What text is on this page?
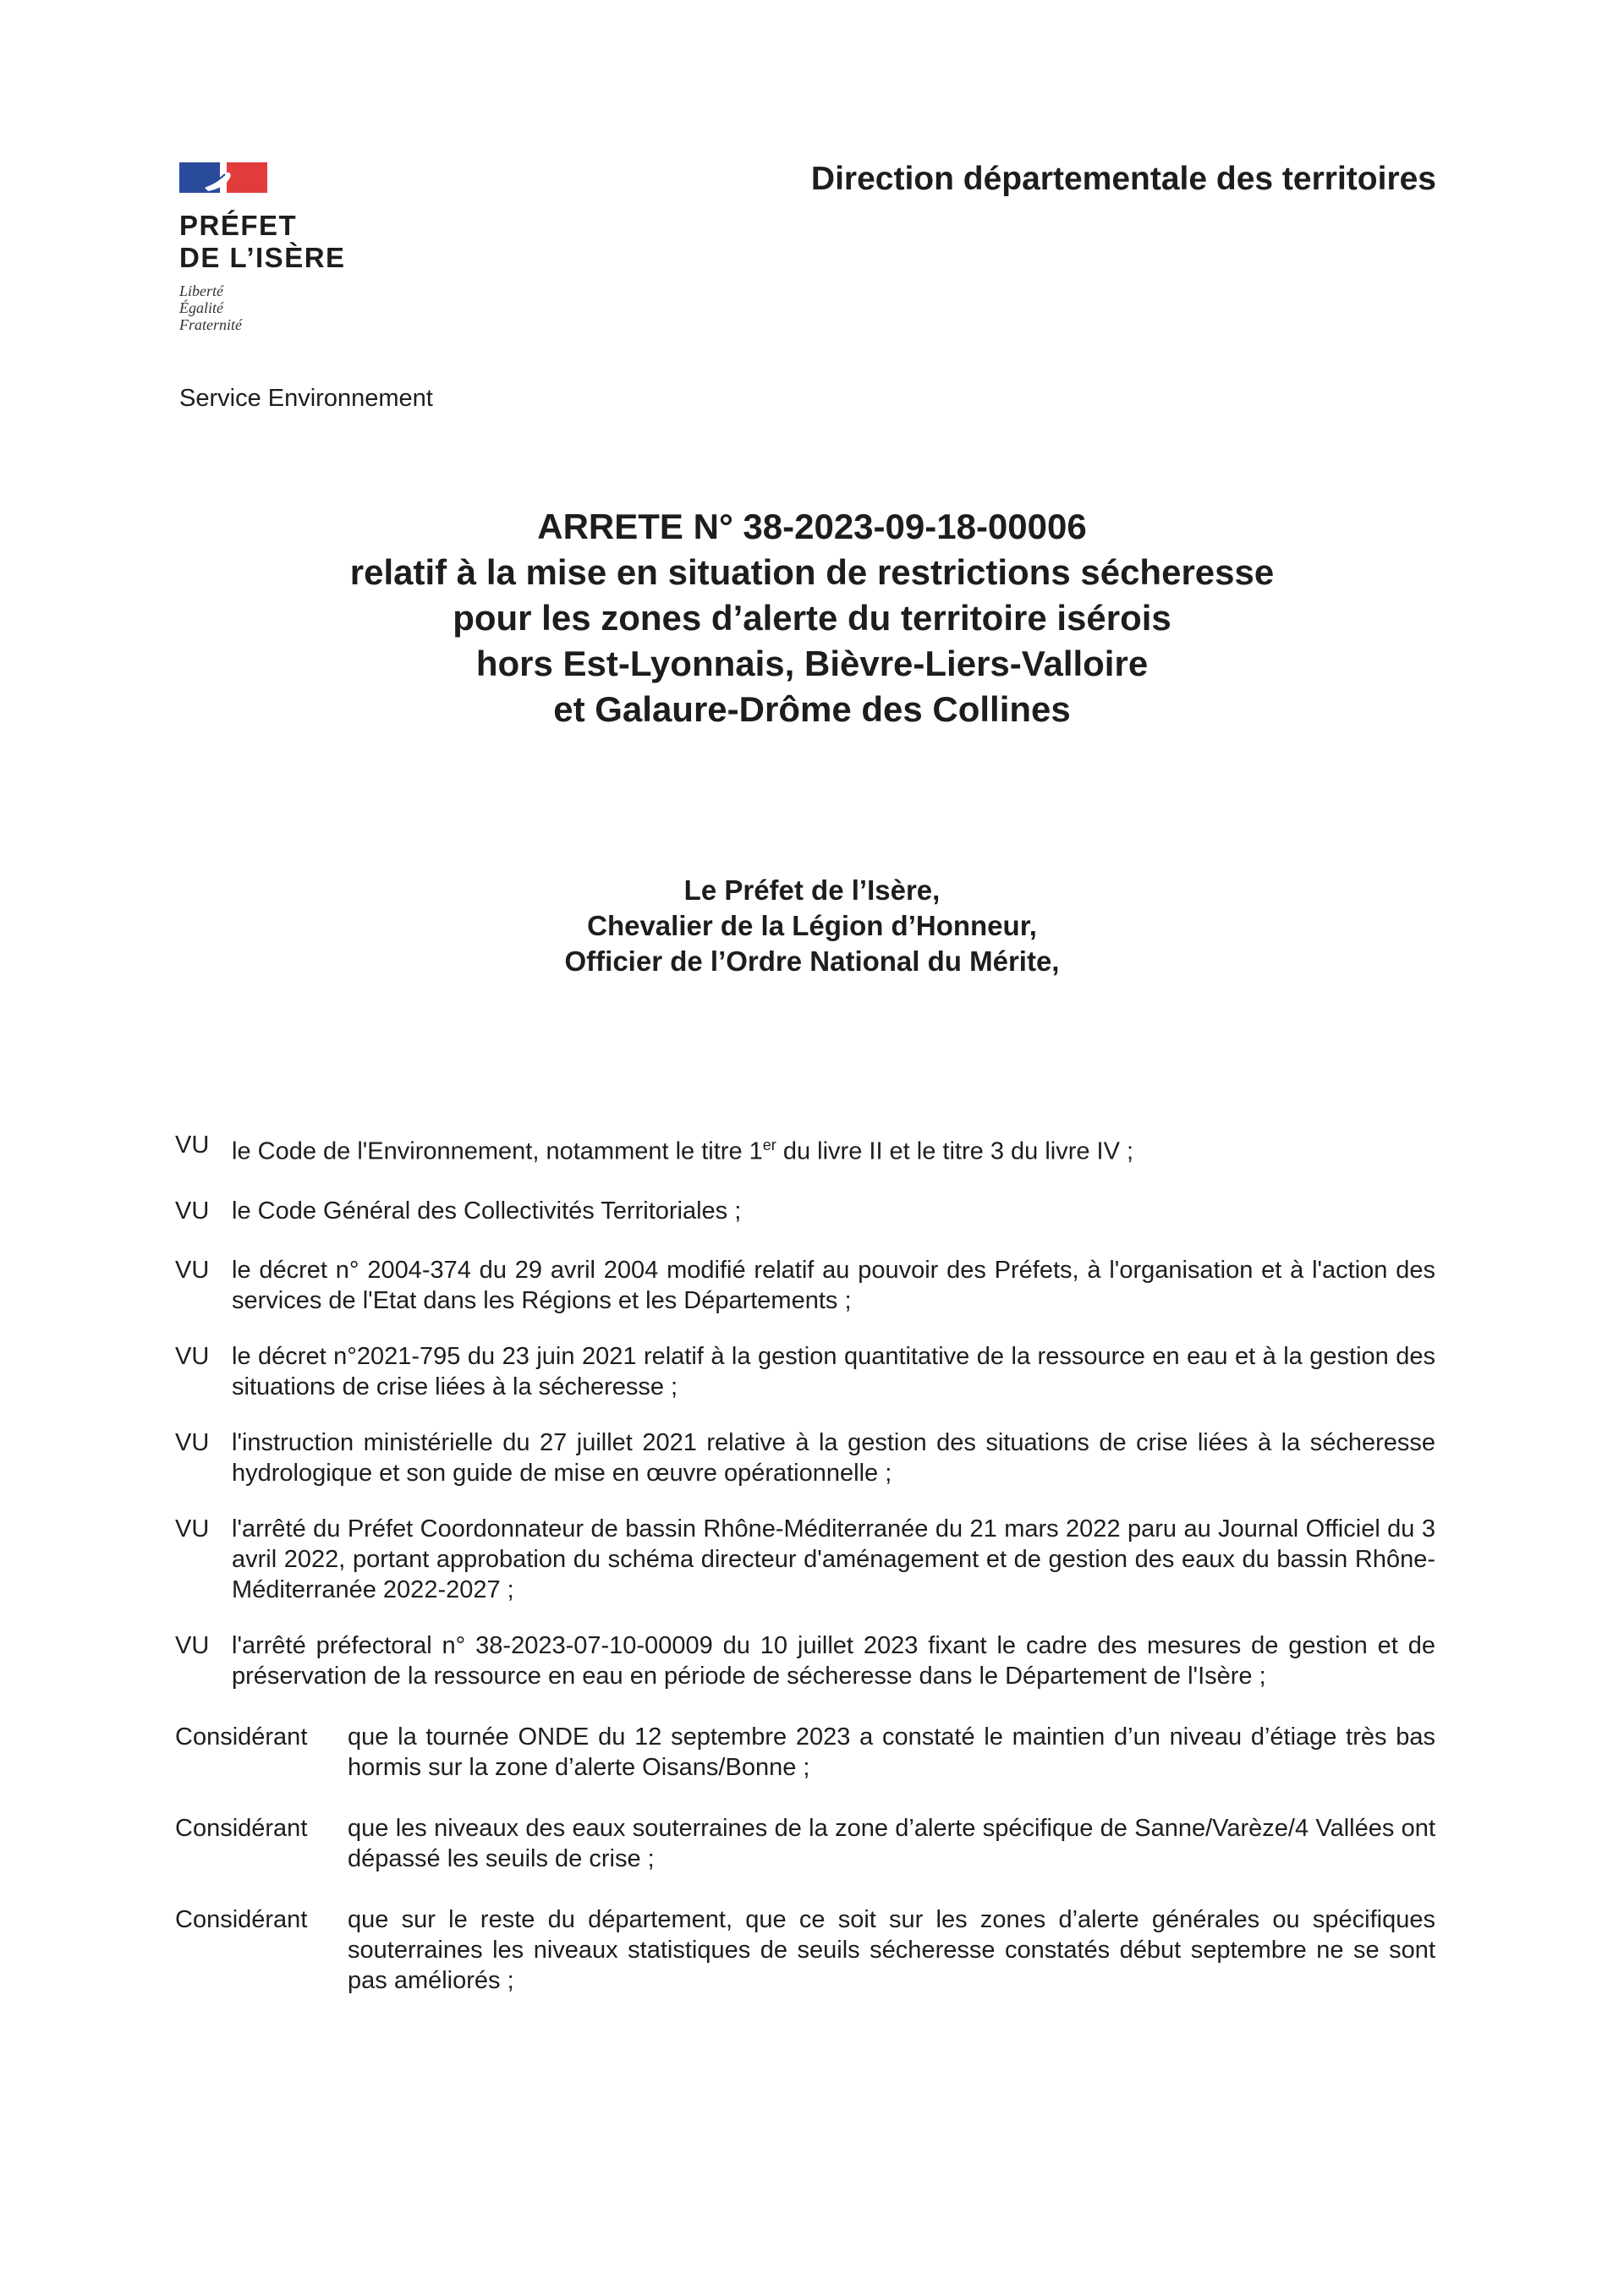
PRÉFET
DE L’ISÈRE
Liberté
Égalité
Fraternité
Direction départementale des territoires
Service Environnement
ARRETE N° 38-2023-09-18-00006
relatif à la mise en situation de restrictions sécheresse
pour les zones d’alerte du territoire isérois
hors Est-Lyonnais, Bièvre-Liers-Valloire
et Galaure-Drôme des Collines
Le Préfet de l’Isère,
Chevalier de la Légion d’Honneur,
Officier de l’Ordre National du Mérite,
VU le Code de l'Environnement, notamment le titre 1er du livre II et le titre 3 du livre IV ;
VU le Code Général des Collectivités Territoriales ;
VU le décret n° 2004-374 du 29 avril 2004 modifié relatif au pouvoir des Préfets, à l'organisation et à l'action des services de l'Etat dans les Régions et les Départements ;
VU le décret n°2021-795 du 23 juin 2021 relatif à la gestion quantitative de la ressource en eau et à la gestion des situations de crise liées à la sécheresse ;
VU l'instruction ministérielle du 27 juillet 2021 relative à la gestion des situations de crise liées à la sécheresse hydrologique et son guide de mise en œuvre opérationnelle ;
VU l'arrêté du Préfet Coordonnateur de bassin Rhône-Méditerranée du 21 mars 2022 paru au Journal Officiel du 3 avril 2022, portant approbation du schéma directeur d'aménagement et de gestion des eaux du bassin Rhône-Méditerranée 2022-2027 ;
VU l'arrêté préfectoral n° 38-2023-07-10-00009 du 10 juillet 2023 fixant le cadre des mesures de gestion et de préservation de la ressource en eau en période de sécheresse dans le Département de l'Isère ;
Considérant que la tournée ONDE du 12 septembre 2023 a constaté le maintien d’un niveau d’étiage très bas hormis sur la zone d’alerte Oisans/Bonne ;
Considérant que les niveaux des eaux souterraines de la zone d’alerte spécifique de Sanne/Varèze/4 Vallées ont dépassé les seuils de crise ;
Considérant que sur le reste du département, que ce soit sur les zones d’alerte générales ou spécifiques souterraines les niveaux statistiques de seuils sécheresse constatés début septembre ne se sont pas améliorés ;
